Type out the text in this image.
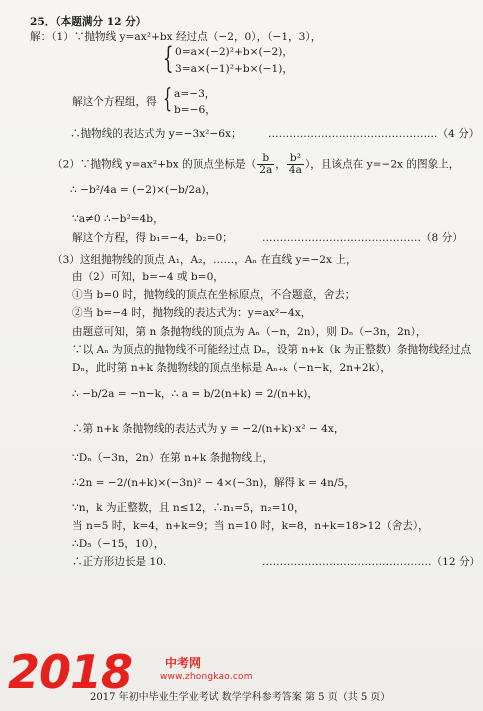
25．（本题满分 12 分）
解：（1）∵抛物线 y=ax²+bx 经过点（−2，0），（−1，3），
{ 0=a×(−2)²+b×(−2)，
3=a×(−1)²+b×(−1)，
解这个方程组，得 { a=−3，
b=−6，
∴抛物线的表达式为 y=−3x²−6x； …………………………………………（4 分）
（2）∵抛物线 y=ax²+bx 的顶点坐标是（ $\frac{b}{2a}$ ， $\frac{\text{b²}}{4a}$ ），且该点在 y=−2x 的图象上，
∴ −b²/4a = (−2)×(−b/2a)，
∵a≠0 ∴−b²=4b，
解这个方程，得 b₁=−4，b₂=0；	………………………………………（8 分）
（3）这组抛物线的顶点 A₁，A₂，……，Aₙ 在直线 y=−2x 上，
由（2）可知，b=−4 或 b=0，
①当 b=0 时，抛物线的顶点在坐标原点，不合题意，舍去；
②当 b=−4 时，抛物线的表达式为：y=ax²−4x，
由题意可知，第 n 条抛物线的顶点为 Aₙ（−n，2n），则 Dₙ（−3n，2n），
∵以 Aₙ 为顶点的抛物线不可能经过点 Dₙ，设第 n+k（k 为正整数）条抛物线经过点
Dₙ，此时第 n+k 条抛物线的顶点坐标是 Aₙ₊ₖ（−n−k，2n+2k），
∴ −b/2a = −n−k，∴ a = b/2(n+k) = 2/(n+k)，
∴第 n+k 条抛物线的表达式为 y = −2/(n+k)·x² − 4x，
∵Dₙ（−3n，2n）在第 n+k 条抛物线上，
∴2n = −2/(n+k)×(−3n)² − 4×(−3n)，解得 k = 4n/5，
∵n，k 为正整数，且 n≤12，∴n₁=5，n₂=10，
当 n=5 时，k=4，n+k=9；当 n=10 时，k=8，n+k=18>12（舍去），
∴D₅（−15，10），
∴正方形边长是 10.	…………………………………………（12 分）
2018	中考网
www.zhongkao.com
2017 年初中毕业生学业考试 数学学科参考答案 第 5 页（共 5 页）
